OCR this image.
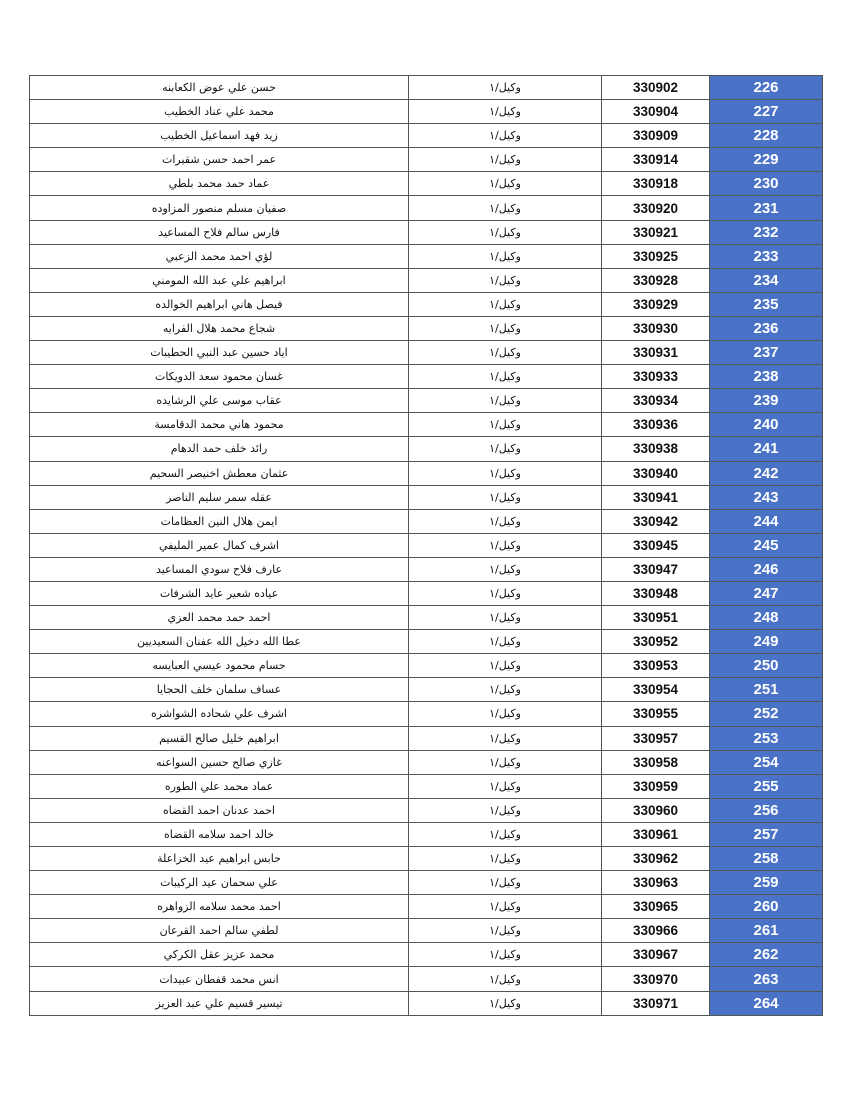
حسن علي عوض الكعابنه	وكيل/١	330902	226
محمد علي عناد الخطيب	وكيل/١	330904	227
زيد فهد اسماعيل الخطيب	وكيل/١	330909	228
عمر احمد حسن شقيرات	وكيل/١	330914	229
عماد حمد محمد بلطي	وكيل/١	330918	230
صفيان مسلم منصور المزاوده	وكيل/١	330920	231
فارس سالم فلاح المساعيد	وكيل/١	330921	232
لؤي احمد محمد الزعبي	وكيل/١	330925	233
ابراهيم علي عبد الله المومني	وكيل/١	330928	234
فيصل هاني ابراهيم الخوالده	وكيل/١	330929	235
شجاع محمد هلال الفرايه	وكيل/١	330930	236
اياد حسين عبد النبي الحطيبات	وكيل/١	330931	237
غسان محمود سعد الدويكات	وكيل/١	330933	238
عقاب موسى علي الرشايده	وكيل/١	330934	239
محمود هاني محمد الدقامسة	وكيل/١	330936	240
رائد خلف حمد الدهام	وكيل/١	330938	241
عثمان معطش اخنيصر السحيم	وكيل/١	330940	242
عقله سمر سليم الناصر	وكيل/١	330941	243
ايمن هلال النين العظامات	وكيل/١	330942	244
اشرف كمال عمير المليفي	وكيل/١	330945	245
عارف فلاح سودي المساعيد	وكيل/١	330947	246
عياده شعير عايد الشرفات	وكيل/١	330948	247
احمد حمد محمد العزي	وكيل/١	330951	248
عطا الله دخيل الله عفنان السعيديين	وكيل/١	330952	249
حسام محمود عيسي العبايسه	وكيل/١	330953	250
عساف سلمان خلف الحجايا	وكيل/١	330954	251
اشرف علي شحاده الشواشره	وكيل/١	330955	252
ابراهيم خليل صالح القسيم	وكيل/١	330957	253
غازي صالح حسين السواعنه	وكيل/١	330958	254
عماد محمد علي الطوره	وكيل/١	330959	255
احمد عدنان احمد القضاه	وكيل/١	330960	256
خالد احمد سلامه القضاه	وكيل/١	330961	257
حابس ابراهيم عيد الخزاعلة	وكيل/١	330962	258
علي سحمان عيد الركيبات	وكيل/١	330963	259
احمد محمد سلامه الزواهره	وكيل/١	330965	260
لطفي سالم احمد القرعان	وكيل/١	330966	261
محمد عزيز عقل الكركي	وكيل/١	330967	262
انس محمد قفطان عبيدات	وكيل/١	330970	263
تيسير قسيم علي عبد العزيز	وكيل/١	330971	264
